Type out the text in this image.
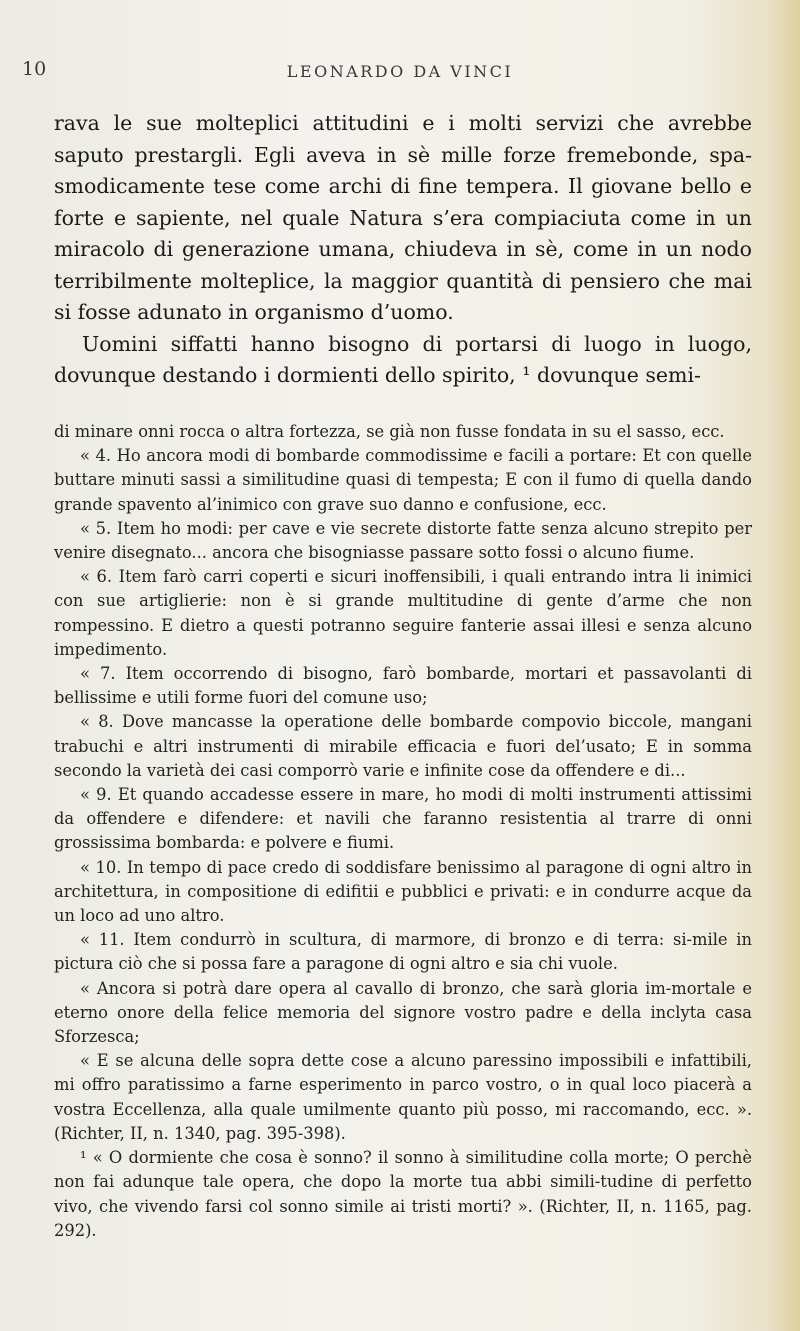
10	LEONARDO DA VINCI

rava le sue molteplici attitudini e i molti servizi che avrebbe saputo prestargli. Egli aveva in sè mille forze fremebonde, spa-smodicamente tese come archi di fine tempera. Il giovane bello e forte e sapiente, nel quale Natura s’era compiaciuta come in un miracolo di generazione umana, chiudeva in sè, come in un nodo terribilmente molteplice, la maggior quantità di pensiero che mai si fosse adunato in organismo d’uomo.

Uomini siffatti hanno bisogno di portarsi di luogo in luogo, dovunque destando i dormienti dello spirito, ¹ dovunque semi-

di minare onni rocca o altra fortezza, se già non fusse fondata in su el sasso, ecc.

« 4. Ho ancora modi di bombarde commodissime e facili a portare: Et con quelle buttare minuti sassi a similitudine quasi di tempesta; E con il fumo di quella dando grande spavento al’inimico con grave suo danno e confusione, ecc.

« 5. Item ho modi: per cave e vie secrete distorte fatte senza alcuno strepito per venire disegnato... ancora che bisogniasse passare sotto fossi o alcuno fiume.

« 6. Item farò carri coperti e sicuri inoffensibili, i quali entrando intra li inimici con sue artiglierie: non è si grande multitudine di gente d’arme che non rompessino. E dietro a questi potranno seguire fanterie assai illesi e senza alcuno impedimento.

« 7. Item occorrendo di bisogno, farò bombarde, mortari et passavolanti di bellissime e utili forme fuori del comune uso;

« 8. Dove mancasse la operatione delle bombarde compovio biccole, mangani trabuchi e altri instrumenti di mirabile efficacia e fuori del’usato; E in somma secondo la varietà dei casi comporrò varie e infinite cose da offendere e di...

« 9. Et quando accadesse essere in mare, ho modi di molti instrumenti attissimi da offendere e difendere: et navili che faranno resistentia al trarre di onni grossissima bombarda: e polvere e fiumi.

« 10. In tempo di pace credo di soddisfare benissimo al paragone di ogni altro in architettura, in compositione di edifitii e pubblici e privati: e in condurre acque da un loco ad uno altro.

« 11. Item condurrò in scultura, di marmore, di bronzo e di terra: si-mile in pictura ciò che si possa fare a paragone di ogni altro e sia chi vuole.

« Ancora si potrà dare opera al cavallo di bronzo, che sarà gloria im-mortale e eterno onore della felice memoria del signore vostro padre e della inclyta casa Sforzesca;

« E se alcuna delle sopra dette cose a alcuno paressino impossibili e infattibili, mi offro paratissimo a farne esperimento in parco vostro, o in qual loco piacerà a vostra Eccellenza, alla quale umilmente quanto più posso, mi raccomando, ecc. ». (Richter, II, n. 1340, pag. 395-398).

¹ « O dormiente che cosa è sonno? il sonno à similitudine colla morte; O perchè non fai adunque tale opera, che dopo la morte tua abbi simili-tudine di perfetto vivo, che vivendo farsi col sonno simile ai tristi morti? ». (Richter, II, n. 1165, pag. 292).
